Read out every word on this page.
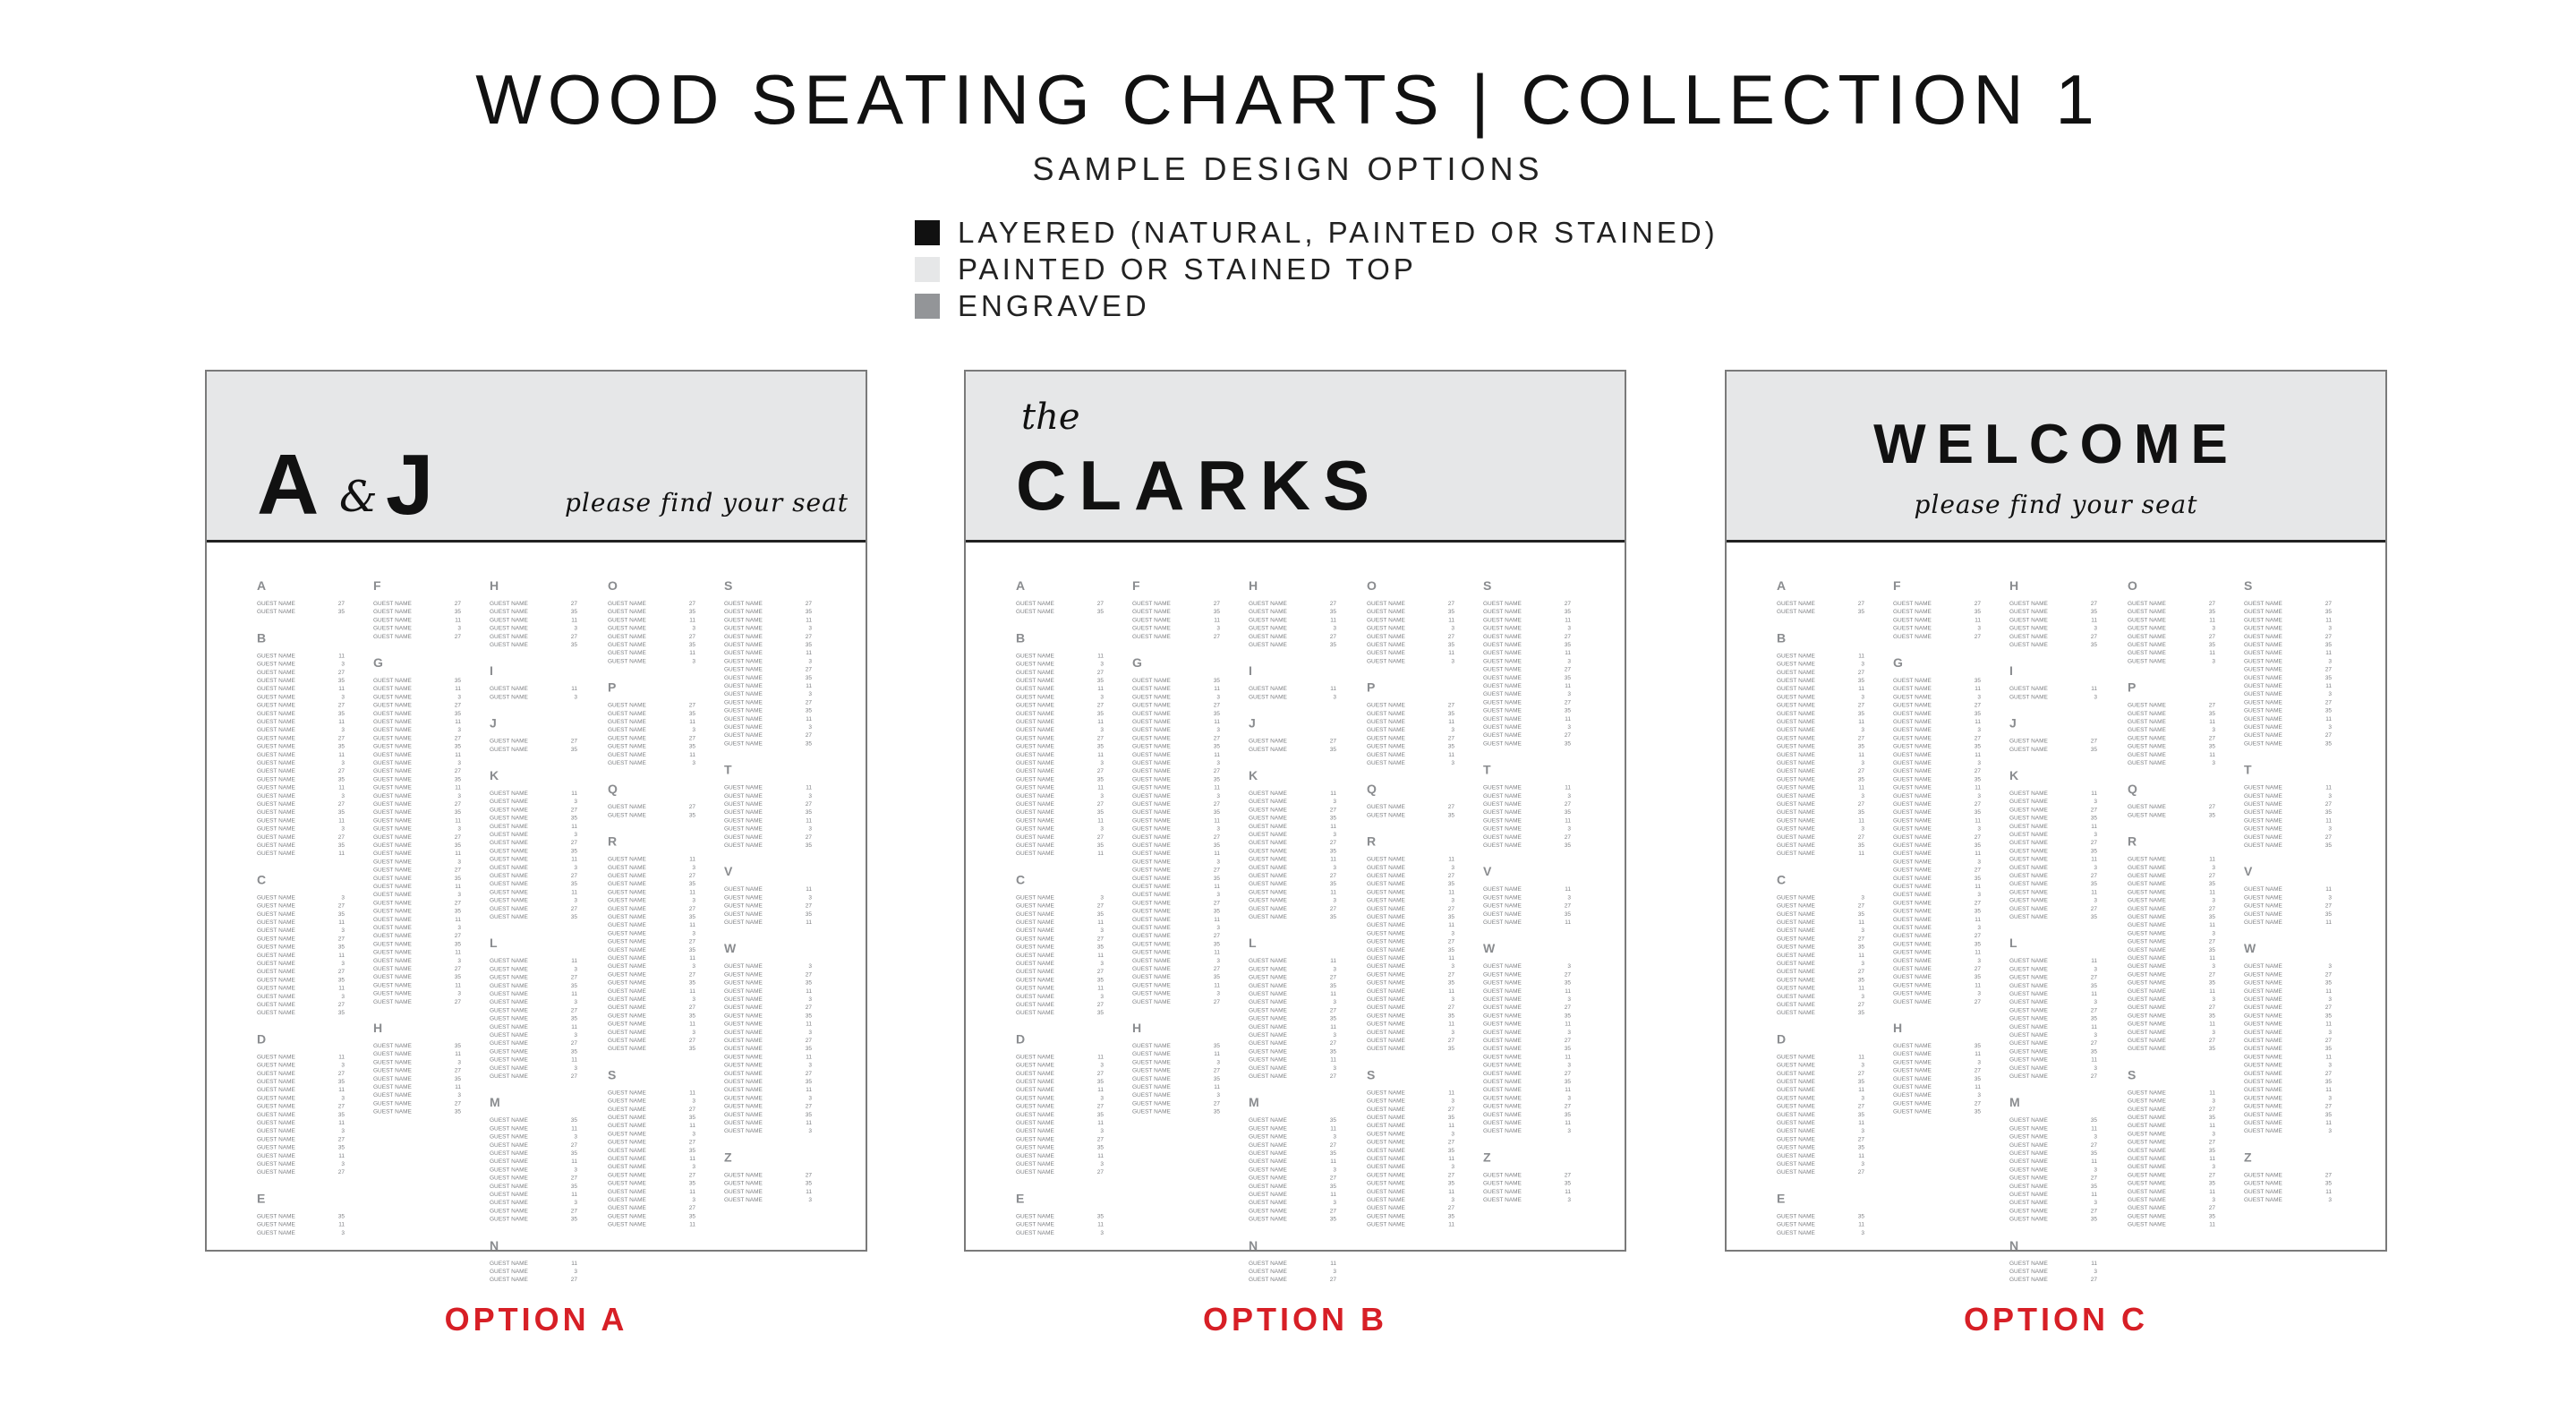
WOOD SEATING CHARTS | COLLECTION 1
SAMPLE DESIGN OPTIONS
LAYERED (NATURAL, PAINTED OR STAINED)
PAINTED OR STAINED TOP
ENGRAVED
A & J	please find your seat
A
GUEST NAME	27
GUEST NAME	35
B
GUEST NAME	11
GUEST NAME	3
GUEST NAME	27
GUEST NAME	35
GUEST NAME	11
GUEST NAME	3
GUEST NAME	27
GUEST NAME	35
GUEST NAME	11
GUEST NAME	3
GUEST NAME	27
GUEST NAME	35
GUEST NAME	11
GUEST NAME	3
GUEST NAME	27
GUEST NAME	35
GUEST NAME	11
GUEST NAME	3
GUEST NAME	27
GUEST NAME	35
GUEST NAME	11
GUEST NAME	3
GUEST NAME	27
GUEST NAME	35
GUEST NAME	11
C
GUEST NAME	3
GUEST NAME	27
GUEST NAME	35
GUEST NAME	11
GUEST NAME	3
GUEST NAME	27
GUEST NAME	35
GUEST NAME	11
GUEST NAME	3
GUEST NAME	27
GUEST NAME	35
GUEST NAME	11
GUEST NAME	3
GUEST NAME	27
GUEST NAME	35
D
GUEST NAME	11
GUEST NAME	3
GUEST NAME	27
GUEST NAME	35
GUEST NAME	11
GUEST NAME	3
GUEST NAME	27
GUEST NAME	35
GUEST NAME	11
GUEST NAME	3
GUEST NAME	27
GUEST NAME	35
GUEST NAME	11
GUEST NAME	3
GUEST NAME	27
E
GUEST NAME	35
GUEST NAME	11
GUEST NAME	3
F
GUEST NAME	27
GUEST NAME	35
GUEST NAME	11
GUEST NAME	3
GUEST NAME	27
G
GUEST NAME	35
GUEST NAME	11
GUEST NAME	3
GUEST NAME	27
GUEST NAME	35
GUEST NAME	11
GUEST NAME	3
GUEST NAME	27
GUEST NAME	35
GUEST NAME	11
GUEST NAME	3
GUEST NAME	27
GUEST NAME	35
GUEST NAME	11
GUEST NAME	3
GUEST NAME	27
GUEST NAME	35
GUEST NAME	11
GUEST NAME	3
GUEST NAME	27
GUEST NAME	35
GUEST NAME	11
GUEST NAME	3
GUEST NAME	27
GUEST NAME	35
GUEST NAME	11
GUEST NAME	3
GUEST NAME	27
GUEST NAME	35
GUEST NAME	11
GUEST NAME	3
GUEST NAME	27
GUEST NAME	35
GUEST NAME	11
GUEST NAME	3
GUEST NAME	27
GUEST NAME	35
GUEST NAME	11
GUEST NAME	3
GUEST NAME	27
H
GUEST NAME	35
GUEST NAME	11
GUEST NAME	3
GUEST NAME	27
GUEST NAME	35
GUEST NAME	11
GUEST NAME	3
GUEST NAME	27
GUEST NAME	35
H
GUEST NAME	27
GUEST NAME	35
GUEST NAME	11
GUEST NAME	3
GUEST NAME	27
GUEST NAME	35
I
GUEST NAME	11
GUEST NAME	3
J
GUEST NAME	27
GUEST NAME	35
K
GUEST NAME	11
GUEST NAME	3
GUEST NAME	27
GUEST NAME	35
GUEST NAME	11
GUEST NAME	3
GUEST NAME	27
GUEST NAME	35
GUEST NAME	11
GUEST NAME	3
GUEST NAME	27
GUEST NAME	35
GUEST NAME	11
GUEST NAME	3
GUEST NAME	27
GUEST NAME	35
L
GUEST NAME	11
GUEST NAME	3
GUEST NAME	27
GUEST NAME	35
GUEST NAME	11
GUEST NAME	3
GUEST NAME	27
GUEST NAME	35
GUEST NAME	11
GUEST NAME	3
GUEST NAME	27
GUEST NAME	35
GUEST NAME	11
GUEST NAME	3
GUEST NAME	27
M
GUEST NAME	35
GUEST NAME	11
GUEST NAME	3
GUEST NAME	27
GUEST NAME	35
GUEST NAME	11
GUEST NAME	3
GUEST NAME	27
GUEST NAME	35
GUEST NAME	11
GUEST NAME	3
GUEST NAME	27
GUEST NAME	35
N
GUEST NAME	11
GUEST NAME	3
GUEST NAME	27
O
GUEST NAME	27
GUEST NAME	35
GUEST NAME	11
GUEST NAME	3
GUEST NAME	27
GUEST NAME	35
GUEST NAME	11
GUEST NAME	3
P
GUEST NAME	27
GUEST NAME	35
GUEST NAME	11
GUEST NAME	3
GUEST NAME	27
GUEST NAME	35
GUEST NAME	11
GUEST NAME	3
Q
GUEST NAME	27
GUEST NAME	35
R
GUEST NAME	11
GUEST NAME	3
GUEST NAME	27
GUEST NAME	35
GUEST NAME	11
GUEST NAME	3
GUEST NAME	27
GUEST NAME	35
GUEST NAME	11
GUEST NAME	3
GUEST NAME	27
GUEST NAME	35
GUEST NAME	11
GUEST NAME	3
GUEST NAME	27
GUEST NAME	35
GUEST NAME	11
GUEST NAME	3
GUEST NAME	27
GUEST NAME	35
GUEST NAME	11
GUEST NAME	3
GUEST NAME	27
GUEST NAME	35
S
GUEST NAME	11
GUEST NAME	3
GUEST NAME	27
GUEST NAME	35
GUEST NAME	11
GUEST NAME	3
GUEST NAME	27
GUEST NAME	35
GUEST NAME	11
GUEST NAME	3
GUEST NAME	27
GUEST NAME	35
GUEST NAME	11
GUEST NAME	3
GUEST NAME	27
GUEST NAME	35
GUEST NAME	11
S
GUEST NAME	27
GUEST NAME	35
GUEST NAME	11
GUEST NAME	3
GUEST NAME	27
GUEST NAME	35
GUEST NAME	11
GUEST NAME	3
GUEST NAME	27
GUEST NAME	35
GUEST NAME	11
GUEST NAME	3
GUEST NAME	27
GUEST NAME	35
GUEST NAME	11
GUEST NAME	3
GUEST NAME	27
GUEST NAME	35
T
GUEST NAME	11
GUEST NAME	3
GUEST NAME	27
GUEST NAME	35
GUEST NAME	11
GUEST NAME	3
GUEST NAME	27
GUEST NAME	35
V
GUEST NAME	11
GUEST NAME	3
GUEST NAME	27
GUEST NAME	35
GUEST NAME	11
W
GUEST NAME	3
GUEST NAME	27
GUEST NAME	35
GUEST NAME	11
GUEST NAME	3
GUEST NAME	27
GUEST NAME	35
GUEST NAME	11
GUEST NAME	3
GUEST NAME	27
GUEST NAME	35
GUEST NAME	11
GUEST NAME	3
GUEST NAME	27
GUEST NAME	35
GUEST NAME	11
GUEST NAME	3
GUEST NAME	27
GUEST NAME	35
GUEST NAME	11
GUEST NAME	3
Z
GUEST NAME	27
GUEST NAME	35
GUEST NAME	11
GUEST NAME	3
the
CLARKS
A
GUEST NAME	27
GUEST NAME	35
B
GUEST NAME	11
GUEST NAME	3
GUEST NAME	27
GUEST NAME	35
GUEST NAME	11
GUEST NAME	3
GUEST NAME	27
GUEST NAME	35
GUEST NAME	11
GUEST NAME	3
GUEST NAME	27
GUEST NAME	35
GUEST NAME	11
GUEST NAME	3
GUEST NAME	27
GUEST NAME	35
GUEST NAME	11
GUEST NAME	3
GUEST NAME	27
GUEST NAME	35
GUEST NAME	11
GUEST NAME	3
GUEST NAME	27
GUEST NAME	35
GUEST NAME	11
C
GUEST NAME	3
GUEST NAME	27
GUEST NAME	35
GUEST NAME	11
GUEST NAME	3
GUEST NAME	27
GUEST NAME	35
GUEST NAME	11
GUEST NAME	3
GUEST NAME	27
GUEST NAME	35
GUEST NAME	11
GUEST NAME	3
GUEST NAME	27
GUEST NAME	35
D
GUEST NAME	11
GUEST NAME	3
GUEST NAME	27
GUEST NAME	35
GUEST NAME	11
GUEST NAME	3
GUEST NAME	27
GUEST NAME	35
GUEST NAME	11
GUEST NAME	3
GUEST NAME	27
GUEST NAME	35
GUEST NAME	11
GUEST NAME	3
GUEST NAME	27
E
GUEST NAME	35
GUEST NAME	11
GUEST NAME	3
F
GUEST NAME	27
GUEST NAME	35
GUEST NAME	11
GUEST NAME	3
GUEST NAME	27
G
GUEST NAME	35
GUEST NAME	11
GUEST NAME	3
GUEST NAME	27
GUEST NAME	35
GUEST NAME	11
GUEST NAME	3
GUEST NAME	27
GUEST NAME	35
GUEST NAME	11
GUEST NAME	3
GUEST NAME	27
GUEST NAME	35
GUEST NAME	11
GUEST NAME	3
GUEST NAME	27
GUEST NAME	35
GUEST NAME	11
GUEST NAME	3
GUEST NAME	27
GUEST NAME	35
GUEST NAME	11
GUEST NAME	3
GUEST NAME	27
GUEST NAME	35
GUEST NAME	11
GUEST NAME	3
GUEST NAME	27
GUEST NAME	35
GUEST NAME	11
GUEST NAME	3
GUEST NAME	27
GUEST NAME	35
GUEST NAME	11
GUEST NAME	3
GUEST NAME	27
GUEST NAME	35
GUEST NAME	11
GUEST NAME	3
GUEST NAME	27
H
GUEST NAME	35
GUEST NAME	11
GUEST NAME	3
GUEST NAME	27
GUEST NAME	35
GUEST NAME	11
GUEST NAME	3
GUEST NAME	27
GUEST NAME	35
H
GUEST NAME	27
GUEST NAME	35
GUEST NAME	11
GUEST NAME	3
GUEST NAME	27
GUEST NAME	35
I
GUEST NAME	11
GUEST NAME	3
J
GUEST NAME	27
GUEST NAME	35
K
GUEST NAME	11
GUEST NAME	3
GUEST NAME	27
GUEST NAME	35
GUEST NAME	11
GUEST NAME	3
GUEST NAME	27
GUEST NAME	35
GUEST NAME	11
GUEST NAME	3
GUEST NAME	27
GUEST NAME	35
GUEST NAME	11
GUEST NAME	3
GUEST NAME	27
GUEST NAME	35
L
GUEST NAME	11
GUEST NAME	3
GUEST NAME	27
GUEST NAME	35
GUEST NAME	11
GUEST NAME	3
GUEST NAME	27
GUEST NAME	35
GUEST NAME	11
GUEST NAME	3
GUEST NAME	27
GUEST NAME	35
GUEST NAME	11
GUEST NAME	3
GUEST NAME	27
M
GUEST NAME	35
GUEST NAME	11
GUEST NAME	3
GUEST NAME	27
GUEST NAME	35
GUEST NAME	11
GUEST NAME	3
GUEST NAME	27
GUEST NAME	35
GUEST NAME	11
GUEST NAME	3
GUEST NAME	27
GUEST NAME	35
N
GUEST NAME	11
GUEST NAME	3
GUEST NAME	27
O
GUEST NAME	27
GUEST NAME	35
GUEST NAME	11
GUEST NAME	3
GUEST NAME	27
GUEST NAME	35
GUEST NAME	11
GUEST NAME	3
P
GUEST NAME	27
GUEST NAME	35
GUEST NAME	11
GUEST NAME	3
GUEST NAME	27
GUEST NAME	35
GUEST NAME	11
GUEST NAME	3
Q
GUEST NAME	27
GUEST NAME	35
R
GUEST NAME	11
GUEST NAME	3
GUEST NAME	27
GUEST NAME	35
GUEST NAME	11
GUEST NAME	3
GUEST NAME	27
GUEST NAME	35
GUEST NAME	11
GUEST NAME	3
GUEST NAME	27
GUEST NAME	35
GUEST NAME	11
GUEST NAME	3
GUEST NAME	27
GUEST NAME	35
GUEST NAME	11
GUEST NAME	3
GUEST NAME	27
GUEST NAME	35
GUEST NAME	11
GUEST NAME	3
GUEST NAME	27
GUEST NAME	35
S
GUEST NAME	11
GUEST NAME	3
GUEST NAME	27
GUEST NAME	35
GUEST NAME	11
GUEST NAME	3
GUEST NAME	27
GUEST NAME	35
GUEST NAME	11
GUEST NAME	3
GUEST NAME	27
GUEST NAME	35
GUEST NAME	11
GUEST NAME	3
GUEST NAME	27
GUEST NAME	35
GUEST NAME	11
S
GUEST NAME	27
GUEST NAME	35
GUEST NAME	11
GUEST NAME	3
GUEST NAME	27
GUEST NAME	35
GUEST NAME	11
GUEST NAME	3
GUEST NAME	27
GUEST NAME	35
GUEST NAME	11
GUEST NAME	3
GUEST NAME	27
GUEST NAME	35
GUEST NAME	11
GUEST NAME	3
GUEST NAME	27
GUEST NAME	35
T
GUEST NAME	11
GUEST NAME	3
GUEST NAME	27
GUEST NAME	35
GUEST NAME	11
GUEST NAME	3
GUEST NAME	27
GUEST NAME	35
V
GUEST NAME	11
GUEST NAME	3
GUEST NAME	27
GUEST NAME	35
GUEST NAME	11
W
GUEST NAME	3
GUEST NAME	27
GUEST NAME	35
GUEST NAME	11
GUEST NAME	3
GUEST NAME	27
GUEST NAME	35
GUEST NAME	11
GUEST NAME	3
GUEST NAME	27
GUEST NAME	35
GUEST NAME	11
GUEST NAME	3
GUEST NAME	27
GUEST NAME	35
GUEST NAME	11
GUEST NAME	3
GUEST NAME	27
GUEST NAME	35
GUEST NAME	11
GUEST NAME	3
Z
GUEST NAME	27
GUEST NAME	35
GUEST NAME	11
GUEST NAME	3
WELCOME
please find your seat
A
GUEST NAME	27
GUEST NAME	35
B
GUEST NAME	11
GUEST NAME	3
GUEST NAME	27
GUEST NAME	35
GUEST NAME	11
GUEST NAME	3
GUEST NAME	27
GUEST NAME	35
GUEST NAME	11
GUEST NAME	3
GUEST NAME	27
GUEST NAME	35
GUEST NAME	11
GUEST NAME	3
GUEST NAME	27
GUEST NAME	35
GUEST NAME	11
GUEST NAME	3
GUEST NAME	27
GUEST NAME	35
GUEST NAME	11
GUEST NAME	3
GUEST NAME	27
GUEST NAME	35
GUEST NAME	11
C
GUEST NAME	3
GUEST NAME	27
GUEST NAME	35
GUEST NAME	11
GUEST NAME	3
GUEST NAME	27
GUEST NAME	35
GUEST NAME	11
GUEST NAME	3
GUEST NAME	27
GUEST NAME	35
GUEST NAME	11
GUEST NAME	3
GUEST NAME	27
GUEST NAME	35
D
GUEST NAME	11
GUEST NAME	3
GUEST NAME	27
GUEST NAME	35
GUEST NAME	11
GUEST NAME	3
GUEST NAME	27
GUEST NAME	35
GUEST NAME	11
GUEST NAME	3
GUEST NAME	27
GUEST NAME	35
GUEST NAME	11
GUEST NAME	3
GUEST NAME	27
E
GUEST NAME	35
GUEST NAME	11
GUEST NAME	3
F
GUEST NAME	27
GUEST NAME	35
GUEST NAME	11
GUEST NAME	3
GUEST NAME	27
G
GUEST NAME	35
GUEST NAME	11
GUEST NAME	3
GUEST NAME	27
GUEST NAME	35
GUEST NAME	11
GUEST NAME	3
GUEST NAME	27
GUEST NAME	35
GUEST NAME	11
GUEST NAME	3
GUEST NAME	27
GUEST NAME	35
GUEST NAME	11
GUEST NAME	3
GUEST NAME	27
GUEST NAME	35
GUEST NAME	11
GUEST NAME	3
GUEST NAME	27
GUEST NAME	35
GUEST NAME	11
GUEST NAME	3
GUEST NAME	27
GUEST NAME	35
GUEST NAME	11
GUEST NAME	3
GUEST NAME	27
GUEST NAME	35
GUEST NAME	11
GUEST NAME	3
GUEST NAME	27
GUEST NAME	35
GUEST NAME	11
GUEST NAME	3
GUEST NAME	27
GUEST NAME	35
GUEST NAME	11
GUEST NAME	3
GUEST NAME	27
H
GUEST NAME	35
GUEST NAME	11
GUEST NAME	3
GUEST NAME	27
GUEST NAME	35
GUEST NAME	11
GUEST NAME	3
GUEST NAME	27
GUEST NAME	35
H
GUEST NAME	27
GUEST NAME	35
GUEST NAME	11
GUEST NAME	3
GUEST NAME	27
GUEST NAME	35
I
GUEST NAME	11
GUEST NAME	3
J
GUEST NAME	27
GUEST NAME	35
K
GUEST NAME	11
GUEST NAME	3
GUEST NAME	27
GUEST NAME	35
GUEST NAME	11
GUEST NAME	3
GUEST NAME	27
GUEST NAME	35
GUEST NAME	11
GUEST NAME	3
GUEST NAME	27
GUEST NAME	35
GUEST NAME	11
GUEST NAME	3
GUEST NAME	27
GUEST NAME	35
L
GUEST NAME	11
GUEST NAME	3
GUEST NAME	27
GUEST NAME	35
GUEST NAME	11
GUEST NAME	3
GUEST NAME	27
GUEST NAME	35
GUEST NAME	11
GUEST NAME	3
GUEST NAME	27
GUEST NAME	35
GUEST NAME	11
GUEST NAME	3
GUEST NAME	27
M
GUEST NAME	35
GUEST NAME	11
GUEST NAME	3
GUEST NAME	27
GUEST NAME	35
GUEST NAME	11
GUEST NAME	3
GUEST NAME	27
GUEST NAME	35
GUEST NAME	11
GUEST NAME	3
GUEST NAME	27
GUEST NAME	35
N
GUEST NAME	11
GUEST NAME	3
GUEST NAME	27
O
GUEST NAME	27
GUEST NAME	35
GUEST NAME	11
GUEST NAME	3
GUEST NAME	27
GUEST NAME	35
GUEST NAME	11
GUEST NAME	3
P
GUEST NAME	27
GUEST NAME	35
GUEST NAME	11
GUEST NAME	3
GUEST NAME	27
GUEST NAME	35
GUEST NAME	11
GUEST NAME	3
Q
GUEST NAME	27
GUEST NAME	35
R
GUEST NAME	11
GUEST NAME	3
GUEST NAME	27
GUEST NAME	35
GUEST NAME	11
GUEST NAME	3
GUEST NAME	27
GUEST NAME	35
GUEST NAME	11
GUEST NAME	3
GUEST NAME	27
GUEST NAME	35
GUEST NAME	11
GUEST NAME	3
GUEST NAME	27
GUEST NAME	35
GUEST NAME	11
GUEST NAME	3
GUEST NAME	27
GUEST NAME	35
GUEST NAME	11
GUEST NAME	3
GUEST NAME	27
GUEST NAME	35
S
GUEST NAME	11
GUEST NAME	3
GUEST NAME	27
GUEST NAME	35
GUEST NAME	11
GUEST NAME	3
GUEST NAME	27
GUEST NAME	35
GUEST NAME	11
GUEST NAME	3
GUEST NAME	27
GUEST NAME	35
GUEST NAME	11
GUEST NAME	3
GUEST NAME	27
GUEST NAME	35
GUEST NAME	11
S
GUEST NAME	27
GUEST NAME	35
GUEST NAME	11
GUEST NAME	3
GUEST NAME	27
GUEST NAME	35
GUEST NAME	11
GUEST NAME	3
GUEST NAME	27
GUEST NAME	35
GUEST NAME	11
GUEST NAME	3
GUEST NAME	27
GUEST NAME	35
GUEST NAME	11
GUEST NAME	3
GUEST NAME	27
GUEST NAME	35
T
GUEST NAME	11
GUEST NAME	3
GUEST NAME	27
GUEST NAME	35
GUEST NAME	11
GUEST NAME	3
GUEST NAME	27
GUEST NAME	35
V
GUEST NAME	11
GUEST NAME	3
GUEST NAME	27
GUEST NAME	35
GUEST NAME	11
W
GUEST NAME	3
GUEST NAME	27
GUEST NAME	35
GUEST NAME	11
GUEST NAME	3
GUEST NAME	27
GUEST NAME	35
GUEST NAME	11
GUEST NAME	3
GUEST NAME	27
GUEST NAME	35
GUEST NAME	11
GUEST NAME	3
GUEST NAME	27
GUEST NAME	35
GUEST NAME	11
GUEST NAME	3
GUEST NAME	27
GUEST NAME	35
GUEST NAME	11
GUEST NAME	3
Z
GUEST NAME	27
GUEST NAME	35
GUEST NAME	11
GUEST NAME	3
OPTION A	OPTION B	OPTION C
